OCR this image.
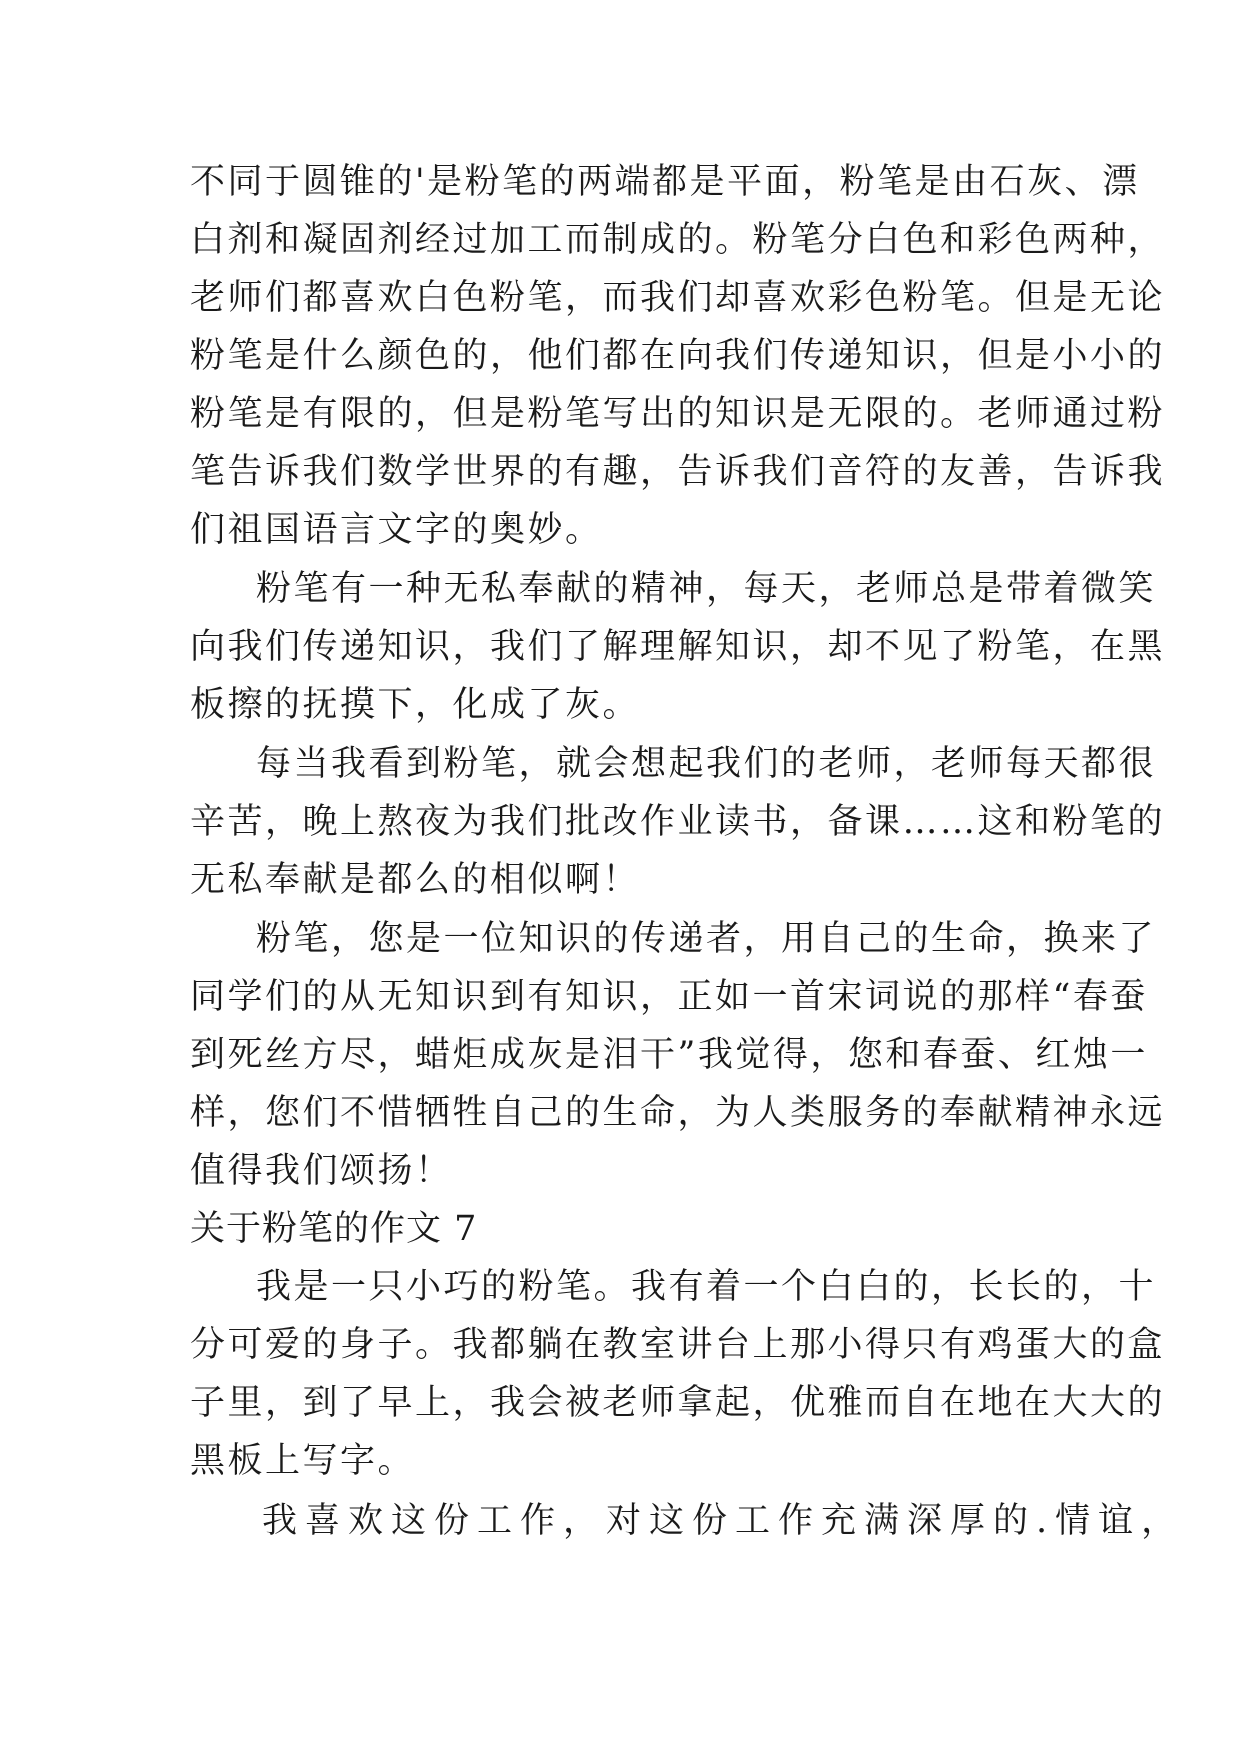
不同于圆锥的'是粉笔的两端都是平面，粉笔是由石灰、漂
白剂和凝固剂经过加工而制成的。粉笔分白色和彩色两种，
老师们都喜欢白色粉笔，而我们却喜欢彩色粉笔。但是无论
粉笔是什么颜色的，他们都在向我们传递知识，但是小小的
粉笔是有限的，但是粉笔写出的知识是无限的。老师通过粉
笔告诉我们数学世界的有趣，告诉我们音符的友善，告诉我
们祖国语言文字的奥妙。
粉笔有一种无私奉献的精神，每天，老师总是带着微笑
向我们传递知识，我们了解理解知识，却不见了粉笔，在黑
板擦的抚摸下，化成了灰。
每当我看到粉笔，就会想起我们的老师，老师每天都很
辛苦，晚上熬夜为我们批改作业读书，备课……这和粉笔的
无私奉献是都么的相似啊！
粉笔，您是一位知识的传递者，用自己的生命，换来了
同学们的从无知识到有知识，正如一首宋词说的那样“春蚕
到死丝方尽，蜡炬成灰是泪干”我觉得，您和春蚕、红烛一
样，您们不惜牺牲自己的生命，为人类服务的奉献精神永远
值得我们颂扬！
关于粉笔的作文 7
我是一只小巧的粉笔。我有着一个白白的，长长的，十
分可爱的身子。我都躺在教室讲台上那小得只有鸡蛋大的盒
子里，到了早上，我会被老师拿起，优雅而自在地在大大的
黑板上写字。
我喜欢这份工作，对这份工作充满深厚的.情谊，
